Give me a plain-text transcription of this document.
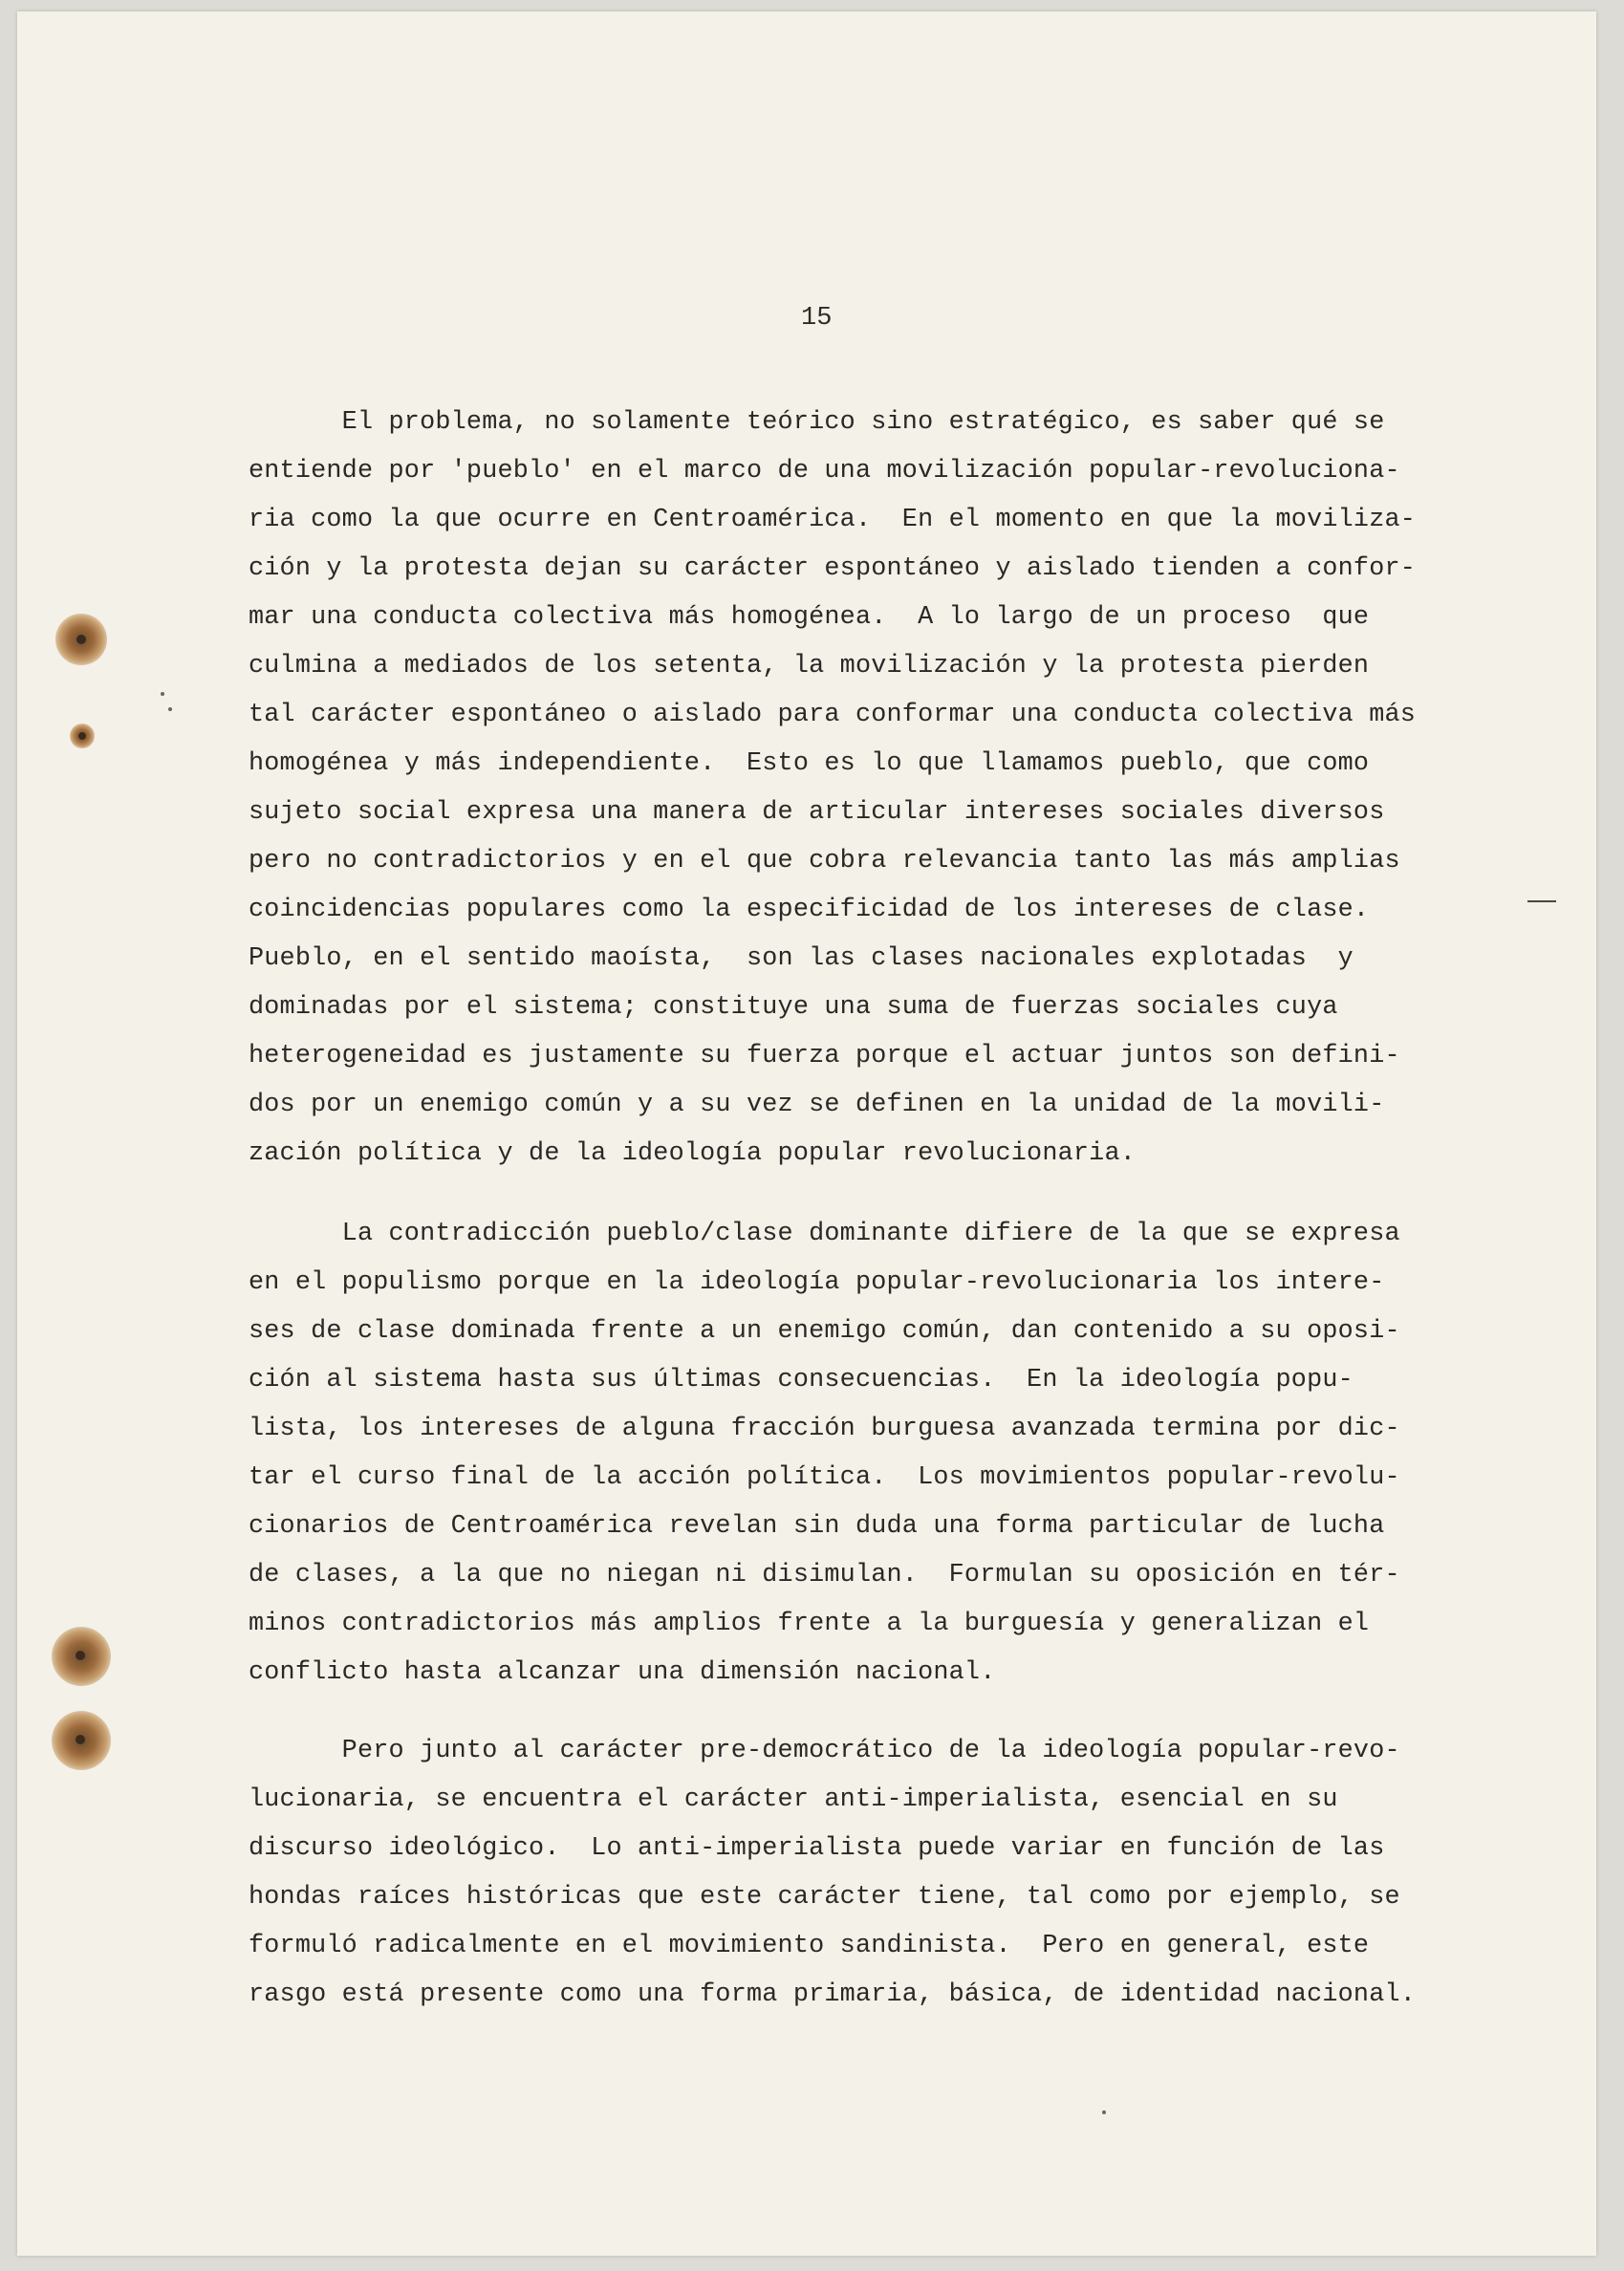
15
El problema, no solamente teórico sino estratégico, es saber qué se
entiende por 'pueblo' en el marco de una movilización popular-revoluciona-
ria como la que ocurre en Centroamérica.  En el momento en que la moviliza-
ción y la protesta dejan su carácter espontáneo y aislado tienden a confor-
mar una conducta colectiva más homogénea.  A lo largo de un proceso  que
culmina a mediados de los setenta, la movilización y la protesta pierden
tal carácter espontáneo o aislado para conformar una conducta colectiva más
homogénea y más independiente.  Esto es lo que llamamos pueblo, que como
sujeto social expresa una manera de articular intereses sociales diversos
pero no contradictorios y en el que cobra relevancia tanto las más amplias
coincidencias populares como la especificidad de los intereses de clase.
Pueblo, en el sentido maoísta,  son las clases nacionales explotadas  y
dominadas por el sistema; constituye una suma de fuerzas sociales cuya
heterogeneidad es justamente su fuerza porque el actuar juntos son defini-
dos por un enemigo común y a su vez se definen en la unidad de la movili-
zación política y de la ideología popular revolucionaria.
La contradicción pueblo/clase dominante difiere de la que se expresa
en el populismo porque en la ideología popular-revolucionaria los intere-
ses de clase dominada frente a un enemigo común, dan contenido a su oposi-
ción al sistema hasta sus últimas consecuencias.  En la ideología popu-
lista, los intereses de alguna fracción burguesa avanzada termina por dic-
tar el curso final de la acción política.  Los movimientos popular-revolu-
cionarios de Centroamérica revelan sin duda una forma particular de lucha
de clases, a la que no niegan ni disimulan.  Formulan su oposición en tér-
minos contradictorios más amplios frente a la burguesía y generalizan el
conflicto hasta alcanzar una dimensión nacional.
Pero junto al carácter pre-democrático de la ideología popular-revo-
lucionaria, se encuentra el carácter anti-imperialista, esencial en su
discurso ideológico.  Lo anti-imperialista puede variar en función de las
hondas raíces históricas que este carácter tiene, tal como por ejemplo, se
formuló radicalmente en el movimiento sandinista.  Pero en general, este
rasgo está presente como una forma primaria, básica, de identidad nacional.
